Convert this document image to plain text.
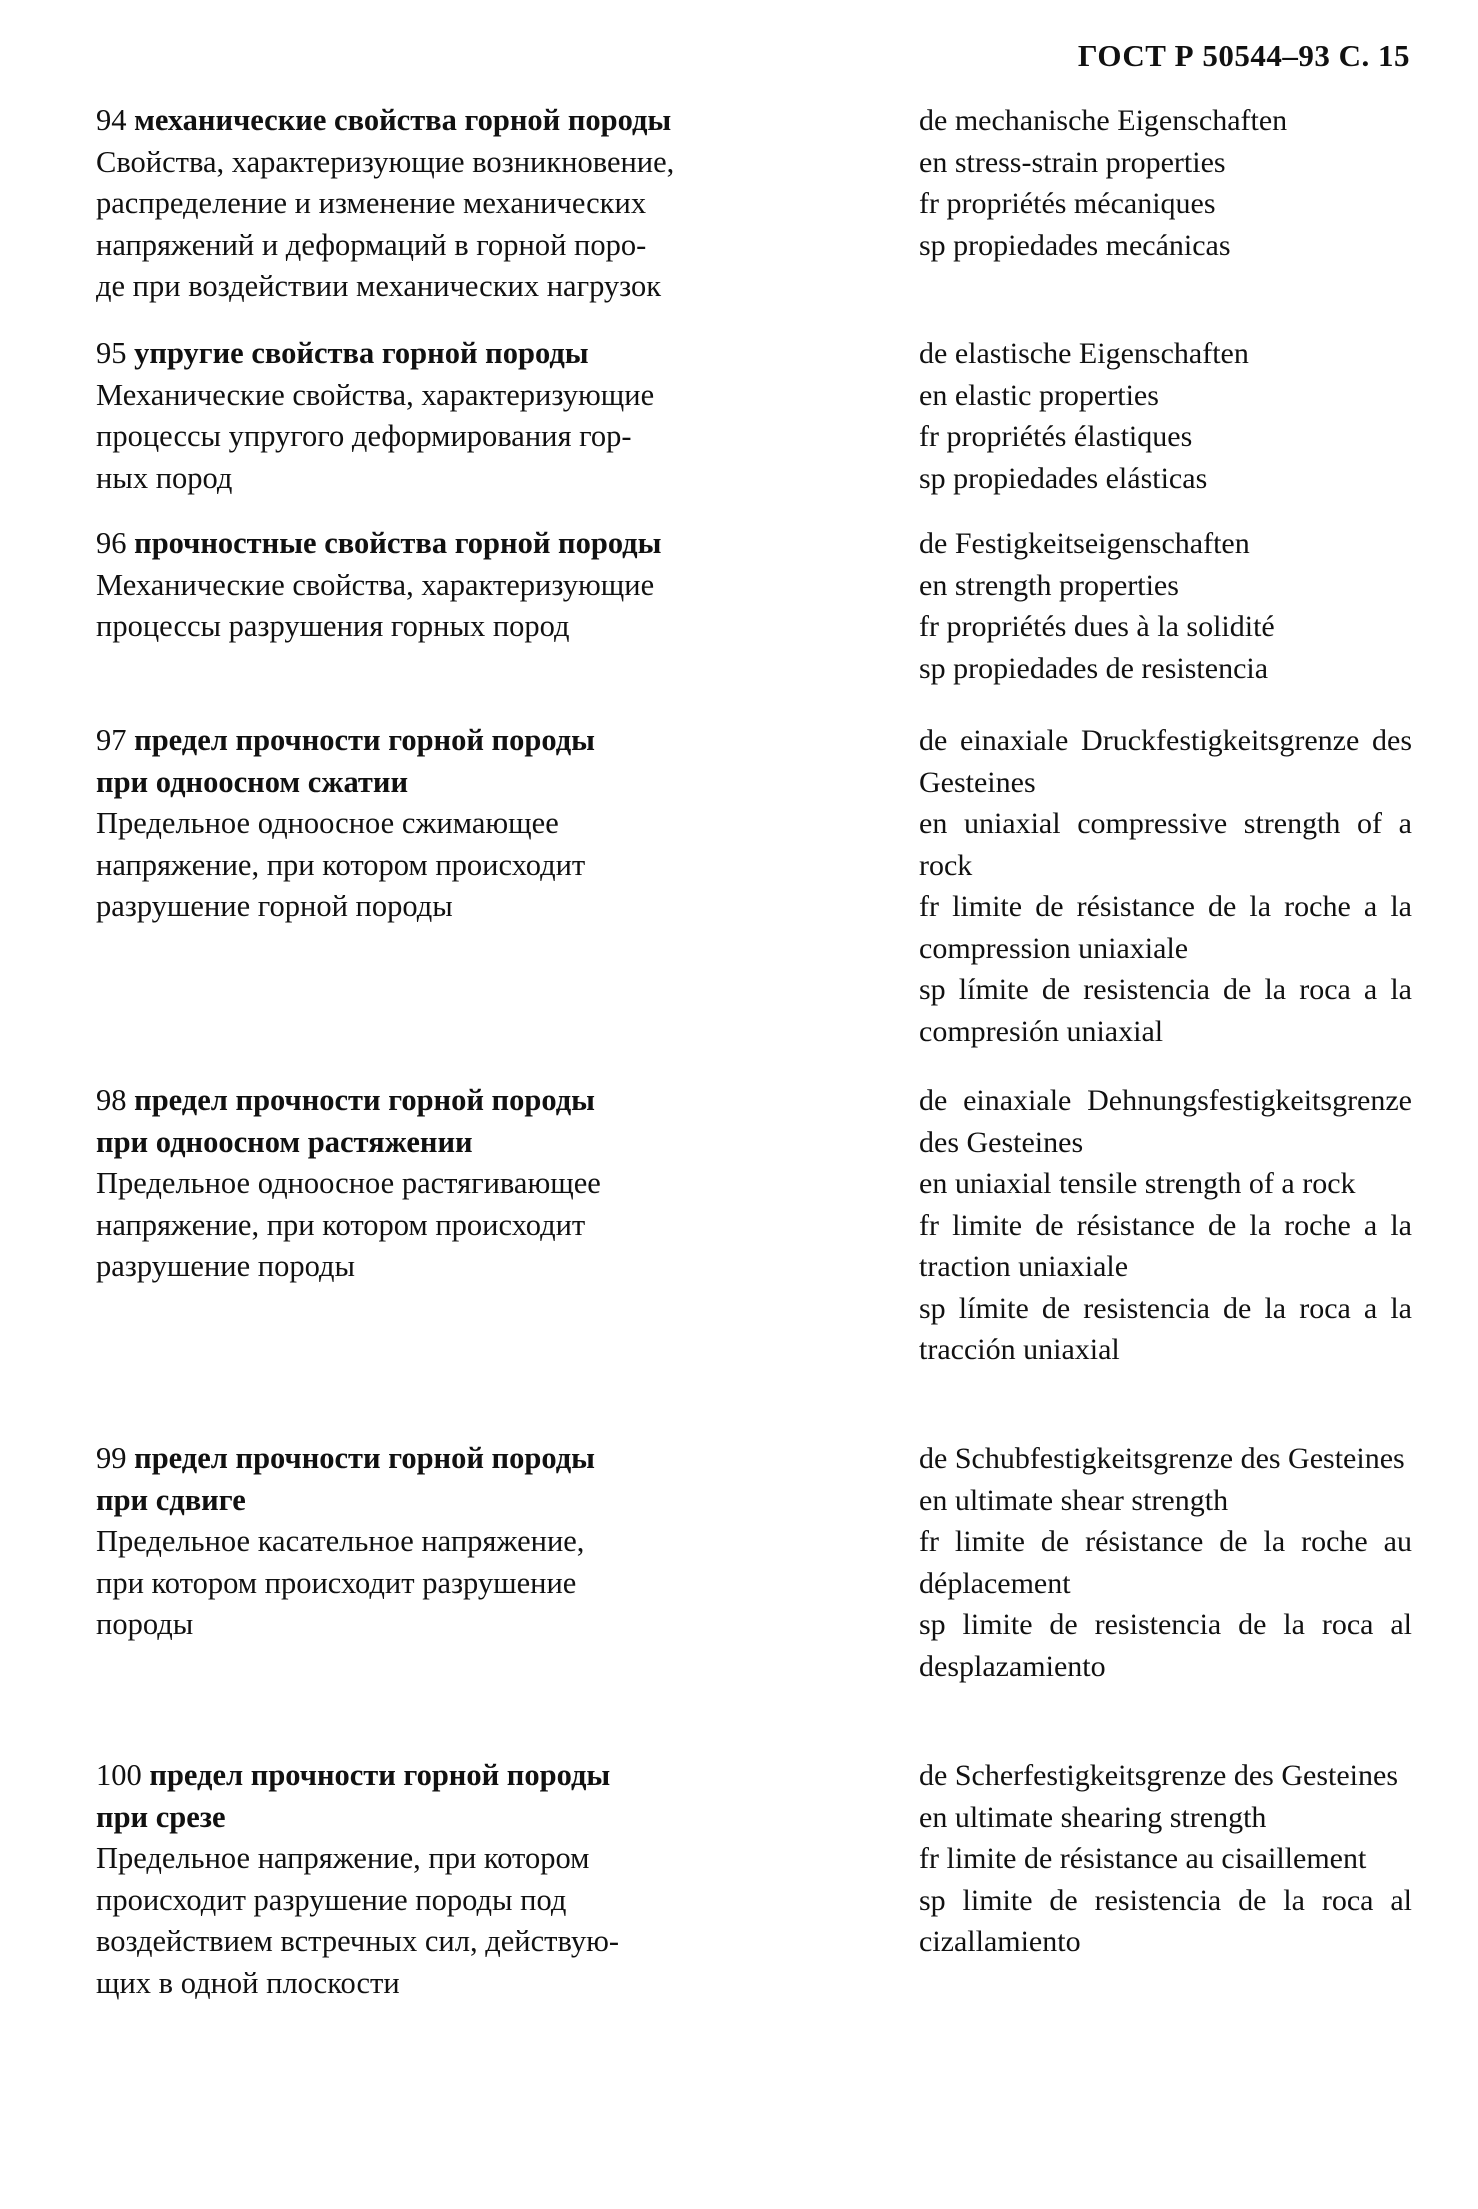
ГОСТ Р 50544–93 С. 15
94 механические свойства горной породы
Свойства, характеризующие возникновение,
распределение и изменение механических
напряжений и деформаций в горной поро-
де при воздействии механических нагрузок
de mechanische Eigenschaften
en stress-strain properties
fr propriétés mécaniques
sp propiedades mecánicas
95 упругие свойства горной породы
Механические свойства, характеризующие
процессы упругого деформирования гор-
ных пород
de elastische Eigenschaften
en elastic properties
fr propriétés élastiques
sp propiedades elásticas
96 прочностные свойства горной породы
Механические свойства, характеризующие
процессы разрушения горных пород
de Festigkeitseigenschaften
en strength properties
fr propriétés dues à la solidité
sp propiedades de resistencia
97 предел прочности горной породы
при одноосном сжатии
Предельное одноосное сжимающее
напряжение, при котором происходит
разрушение горной породы
de einaxiale Druckfestigkeitsgrenze des Gesteines
en uniaxial compressive strength of a rock
fr limite de résistance de la roche a la compression uniaxiale
sp límite de resistencia de la roca a la compresión uniaxial
98 предел прочности горной породы
при одноосном растяжении
Предельное одноосное растягивающее
напряжение, при котором происходит
разрушение породы
de einaxiale Dehnungsfestigkeitsgrenze des Gesteines
en uniaxial tensile strength of a rock
fr limite de résistance de la roche a la traction uniaxiale
sp límite de resistencia de la roca a la tracción uniaxial
99 предел прочности горной породы
при сдвиге
Предельное касательное напряжение,
при котором происходит разрушение
породы
de Schubfestigkeitsgrenze des Gesteines
en ultimate shear strength
fr limite de résistance de la roche au déplacement
sp limite de resistencia de la roca al desplazamiento
100 предел прочности горной породы
при срезе
Предельное напряжение, при котором
происходит разрушение породы под
воздействием встречных сил, действую-
щих в одной плоскости
de Scherfestigkeitsgrenze des Gesteines
en ultimate shearing strength
fr limite de résistance au cisaillement
sp limite de resistencia de la roca al cizallamiento
